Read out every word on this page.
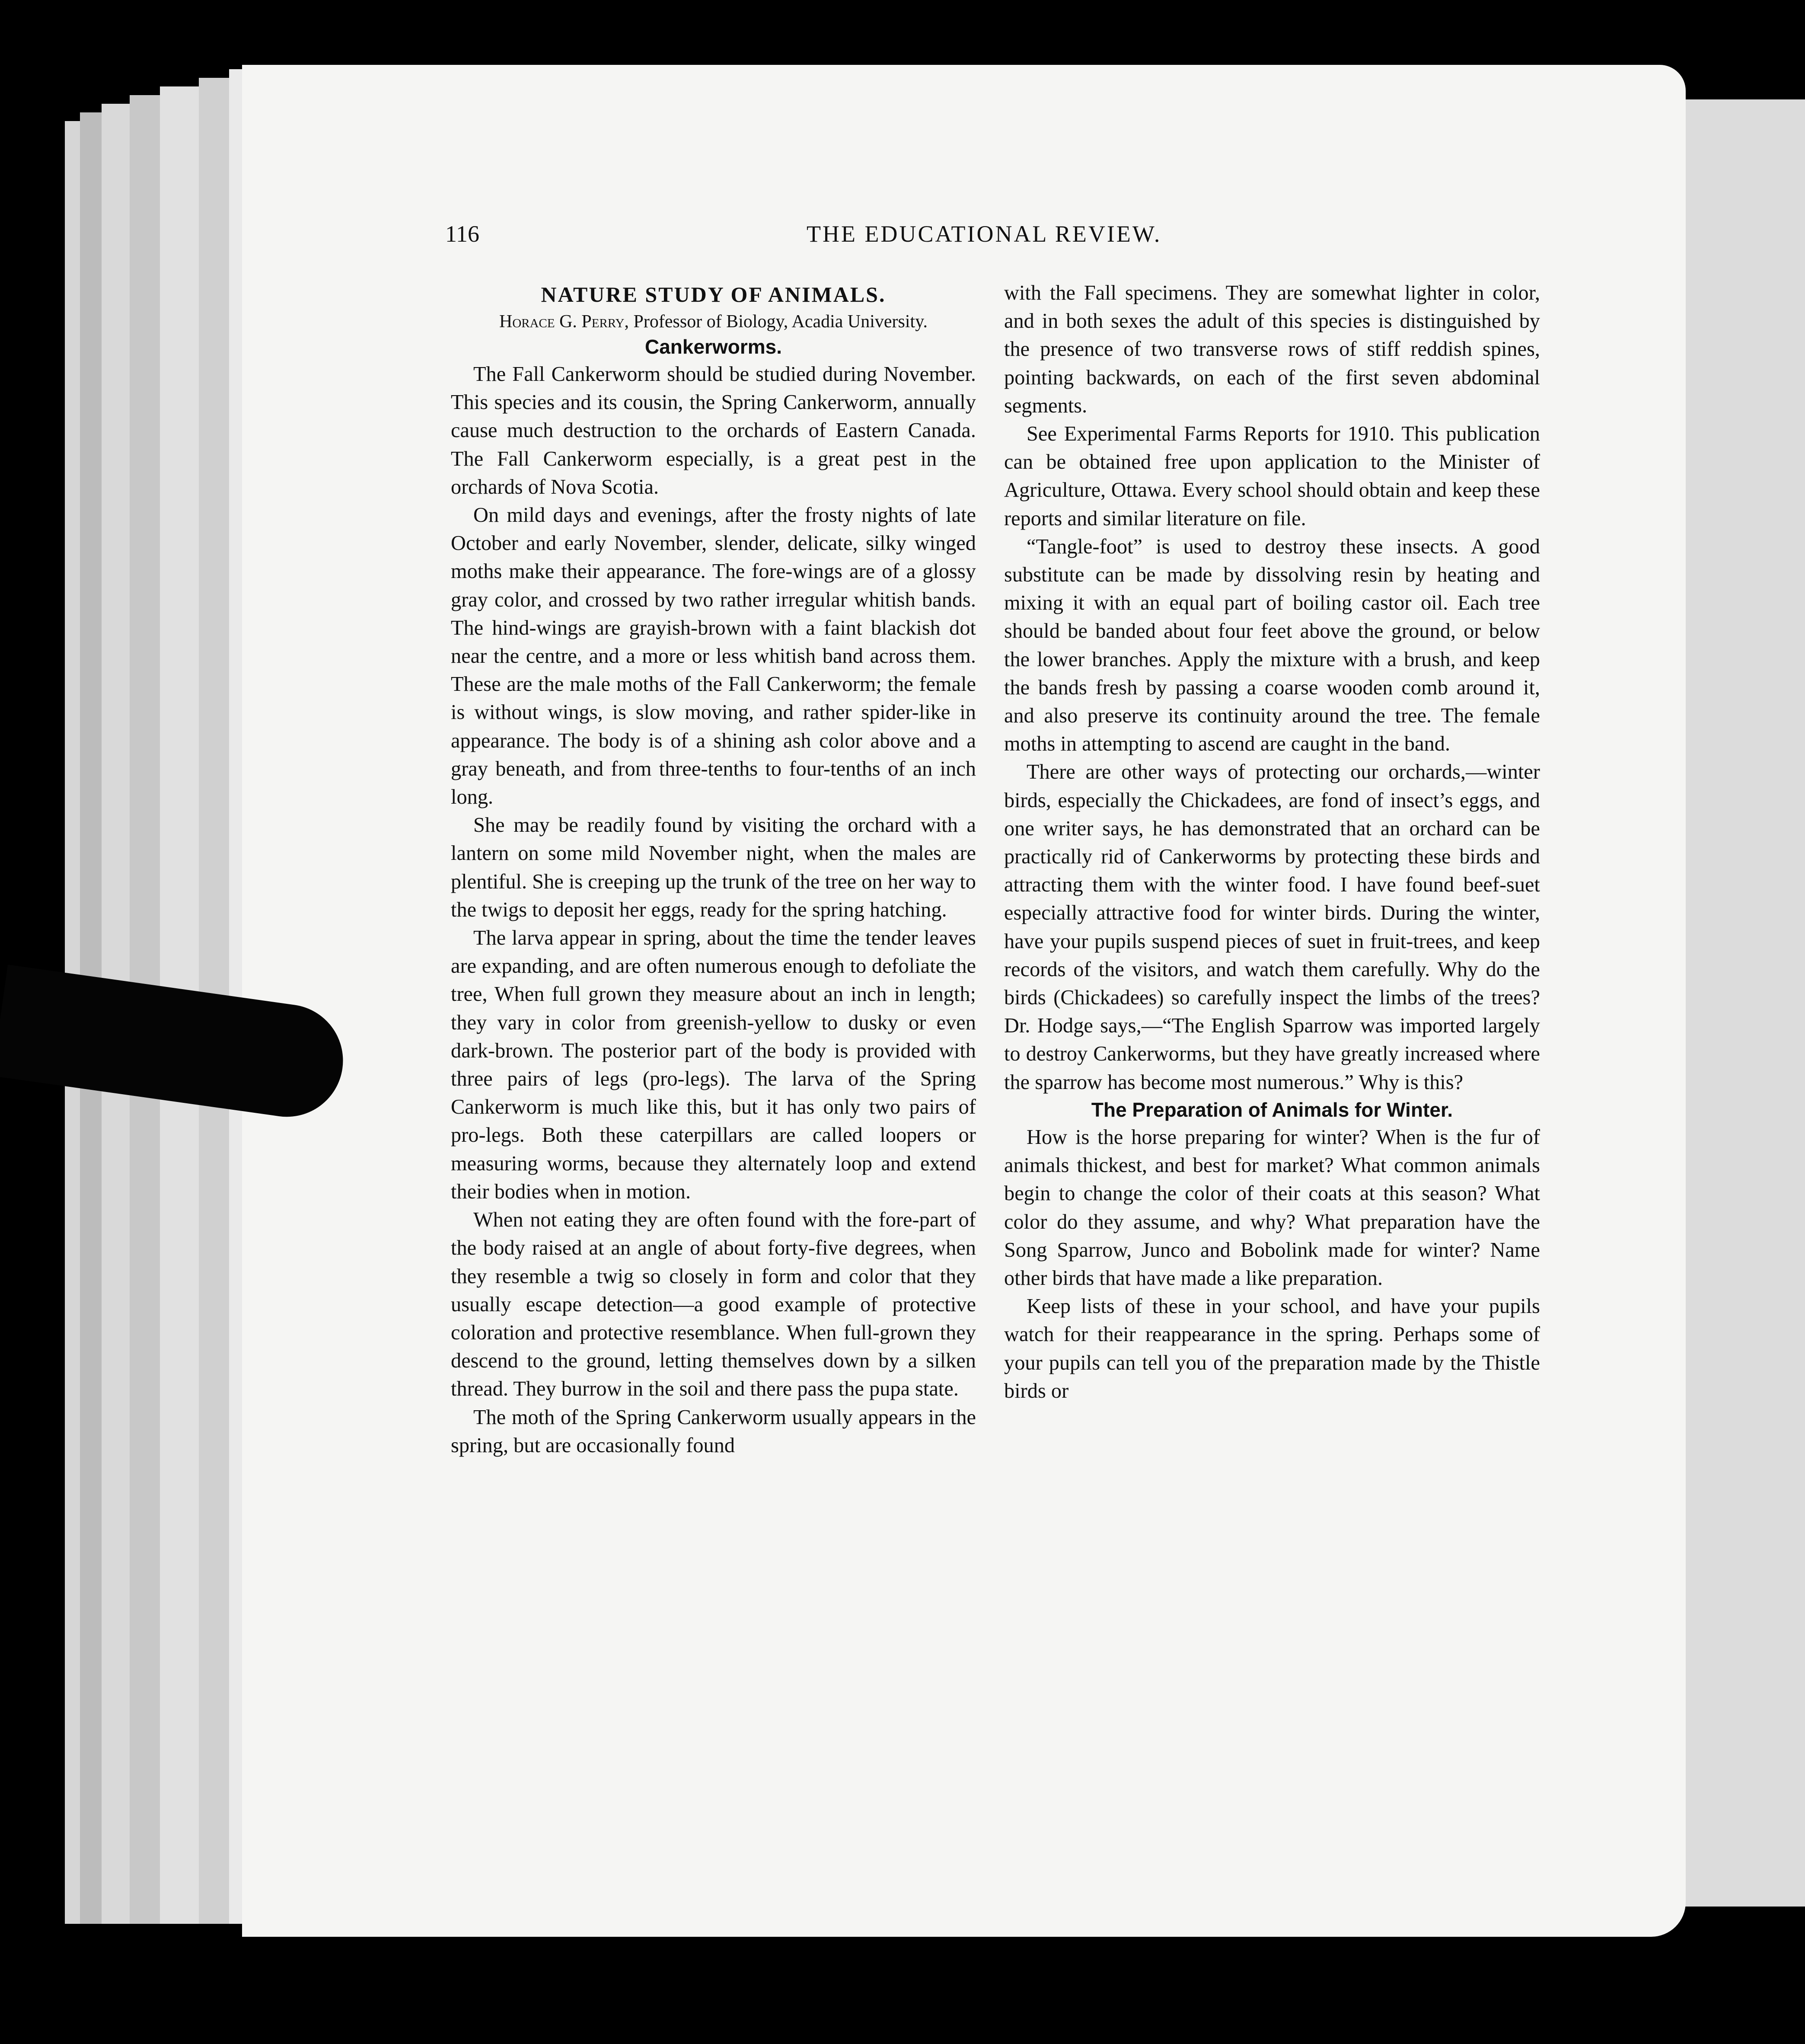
116	THE EDUCATIONAL REVIEW.

NATURE STUDY OF ANIMALS.

Horace G. Perry, Professor of Biology, Acadia University.

Cankerworms.

The Fall Cankerworm should be studied during November. This species and its cousin, the Spring Cankerworm, annually cause much destruction to the orchards of Eastern Canada. The Fall Cankerworm especially, is a great pest in the orchards of Nova Scotia.

On mild days and evenings, after the frosty nights of late October and early November, slender, delicate, silky winged moths make their appearance. The fore-wings are of a glossy gray color, and crossed by two rather irregular whitish bands. The hind-wings are grayish-brown with a faint blackish dot near the centre, and a more or less whitish band across them. These are the male moths of the Fall Cankerworm; the female is without wings, is slow moving, and rather spider-like in appearance. The body is of a shining ash color above and a gray beneath, and from three-tenths to four-tenths of an inch long.

She may be readily found by visiting the orchard with a lantern on some mild November night, when the males are plentiful. She is creeping up the trunk of the tree on her way to the twigs to deposit her eggs, ready for the spring hatching.

The larva appear in spring, about the time the tender leaves are expanding, and are often numerous enough to defoliate the tree, When full grown they measure about an inch in length; they vary in color from greenish-yellow to dusky or even dark-brown. The posterior part of the body is provided with three pairs of legs (pro-legs). The larva of the Spring Cankerworm is much like this, but it has only two pairs of pro-legs. Both these caterpillars are called loopers or measuring worms, because they alternately loop and extend their bodies when in motion.

When not eating they are often found with the fore-part of the body raised at an angle of about forty-five degrees, when they resemble a twig so closely in form and color that they usually escape detection—a good example of protective coloration and protective resemblance. When full-grown they descend to the ground, letting themselves down by a silken thread. They burrow in the soil and there pass the pupa state.

The moth of the Spring Cankerworm usually appears in the spring, but are occasionally found

with the Fall specimens. They are somewhat lighter in color, and in both sexes the adult of this species is distinguished by the presence of two transverse rows of stiff reddish spines, pointing backwards, on each of the first seven abdominal segments.

See Experimental Farms Reports for 1910. This publication can be obtained free upon application to the Minister of Agriculture, Ottawa. Every school should obtain and keep these reports and similar literature on file.

“Tangle-foot” is used to destroy these insects. A good substitute can be made by dissolving resin by heating and mixing it with an equal part of boiling castor oil. Each tree should be banded about four feet above the ground, or below the lower branches. Apply the mixture with a brush, and keep the bands fresh by passing a coarse wooden comb around it, and also preserve its continuity around the tree. The female moths in attempting to ascend are caught in the band.

There are other ways of protecting our orchards,—winter birds, especially the Chickadees, are fond of insect’s eggs, and one writer says, he has demonstrated that an orchard can be practically rid of Cankerworms by protecting these birds and attracting them with the winter food. I have found beef-suet especially attractive food for winter birds. During the winter, have your pupils suspend pieces of suet in fruit-trees, and keep records of the visitors, and watch them carefully. Why do the birds (Chickadees) so carefully inspect the limbs of the trees? Dr. Hodge says,—“The English Sparrow was imported largely to destroy Cankerworms, but they have greatly increased where the sparrow has become most numerous.” Why is this?

The Preparation of Animals for Winter.

How is the horse preparing for winter? When is the fur of animals thickest, and best for market? What common animals begin to change the color of their coats at this season? What color do they assume, and why? What preparation have the Song Sparrow, Junco and Bobolink made for winter? Name other birds that have made a like preparation.

Keep lists of these in your school, and have your pupils watch for their reappearance in the spring. Perhaps some of your pupils can tell you of the preparation made by the Thistle birds or
